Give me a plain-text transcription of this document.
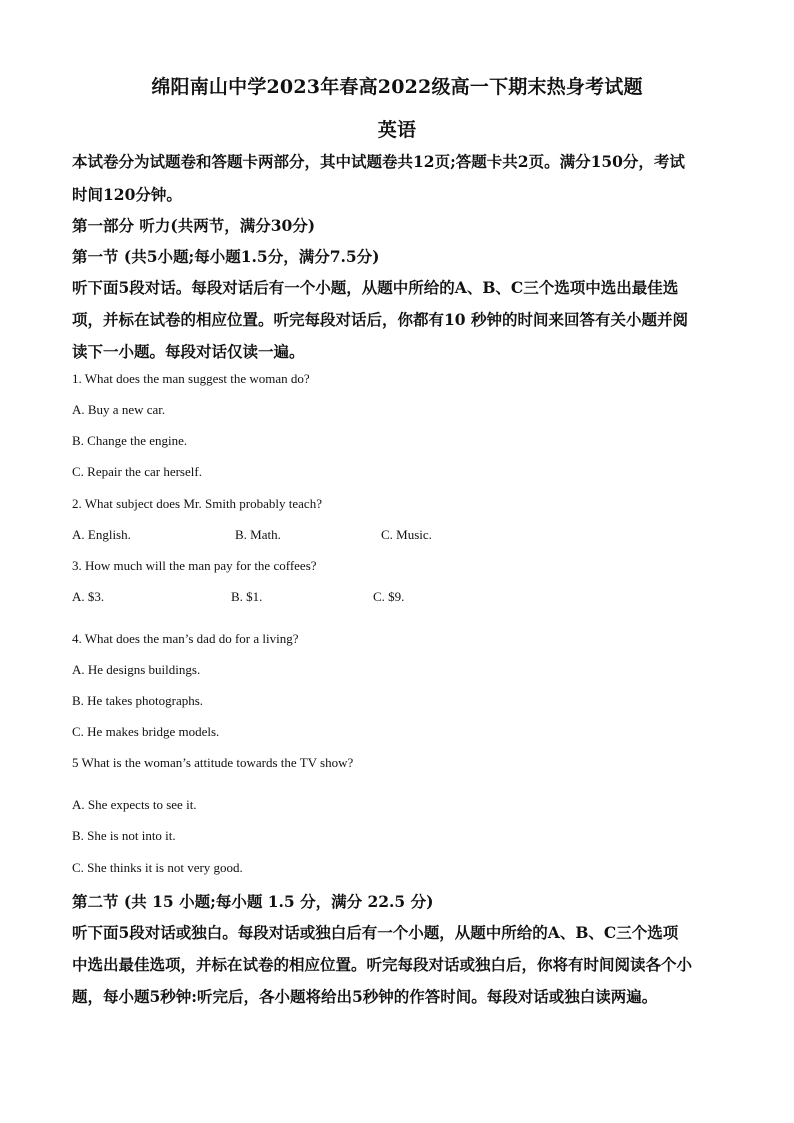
绵阳南山中学2023年春高2022级高一下期末热身考试题
英语
本试卷分为试题卷和答题卡两部分，其中试题卷共12页;答题卡共2页。满分150分，考试
时间120分钟。
第一部分 听力(共两节，满分30分)
第一节 (共5小题;每小题1.5分，满分7.5分)
听下面5段对话。每段对话后有一个小题，从题中所给的A、B、C三个选项中选出最佳选
项，并标在试卷的相应位置。听完每段对话后，你都有10 秒钟的时间来回答有关小题并阅
读下一小题。每段对话仅读一遍。
1. What does the man suggest the woman do?
A. Buy a new car.
B. Change the engine.
C. Repair the car herself.
2. What subject does Mr. Smith probably teach?
A. English.	B. Math.	C. Music.
3. How much will the man pay for the coffees?
A. $3.	B. $1.	C. $9.
4. What does the man’s dad do for a living?
A. He designs buildings.
B. He takes photographs.
C. He makes bridge models.
5 What is the woman’s attitude towards the TV show?
A. She expects to see it.
B. She is not into it.
C. She thinks it is not very good.
第二节 (共 15 小题;每小题 1.5 分，满分 22.5 分)
听下面5段对话或独白。每段对话或独白后有一个小题，从题中所给的A、B、C三个选项
中选出最佳选项，并标在试卷的相应位置。听完每段对话或独白后，你将有时间阅读各个小
题，每小题5秒钟:听完后，各小题将给出5秒钟的作答时间。每段对话或独白读两遍。
